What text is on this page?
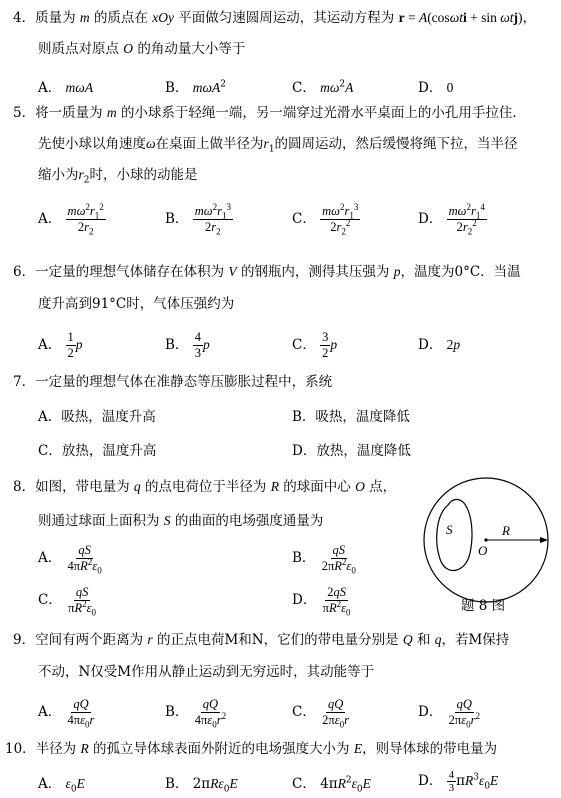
4．质量为 m 的质点在 xOy 平面做匀速圆周运动，其运动方程为 r = A(cosωti + sin ωtj)，
则质点对原点 O 的角动量大小等于
A． mωA	B． mωA$^2$	C． $m\omega^2A$	D． 0
5．将一质量为 m 的小球系于轻绳一端，另一端穿过光滑水平桌面上的小孔用手拉住．
先使小球以角速度ω在桌面上做半径为$r_1$的圆周运动，然后缓慢将绳下拉，当半径
缩小为$r_2$时，小球的动能是
A． $\frac{m\omega^2r_1^2}{2r_2}$	B． $\frac{m\omega^2r_1^3}{2r_2}$	C． $\frac{m\omega^2r_1^3}{2r_2^2}$	D． $\frac{m\omega^2r_1^4}{2r_2^2}$
6．一定量的理想气体储存在体积为 V 的钢瓶内，测得其压强为 p，温度为0°C．当温
度升高到91°C时，气体压强约为
A． $\frac{1}{2}$ p	B． $\frac{4}{3}$ p	C． $\frac{3}{2}$ p	D． 2p
7．一定量的理想气体在准静态等压膨胀过程中，系统
A．吸热，温度升高	B．吸热，温度降低
C．放热，温度升高	D．放热，温度降低
8．如图，带电量为 q 的点电荷位于半径为 R 的球面中心 O 点，
则通过球面上面积为 S 的曲面的电场强度通量为
A． $\frac{qS}{4\pi R^2\varepsilon_0}$	B． $\frac{qS}{2\pi R^2\varepsilon_0}$
C． $\frac{qS}{\pi R^2\varepsilon_0}$	D． $\frac{2qS}{\pi R^2\varepsilon_0}$
S
O
R
题 8 图
9．空间有两个距离为 r 的正点电荷M和N，它们的带电量分别是 Q 和 q，若M保持
不动，N仅受M作用从静止运动到无穷远时，其动能等于
A． $\frac{qQ}{4\pi\varepsilon_0r}$	B． $\frac{qQ}{4\pi\varepsilon_0r^2}$	C． $\frac{qQ}{2\pi\varepsilon_0r}$	D． $\frac{qQ}{2\pi\varepsilon_0r^2}$
10．半径为 R 的孤立导体球表面外附近的电场强度大小为 E，则导体球的带电量为
A． $\varepsilon_0E$	B． 2πRε$_0$E	C． $4\pi R^2\varepsilon_0E$	D． $\frac{4}{3} \pi R^3\varepsilon_0E$
